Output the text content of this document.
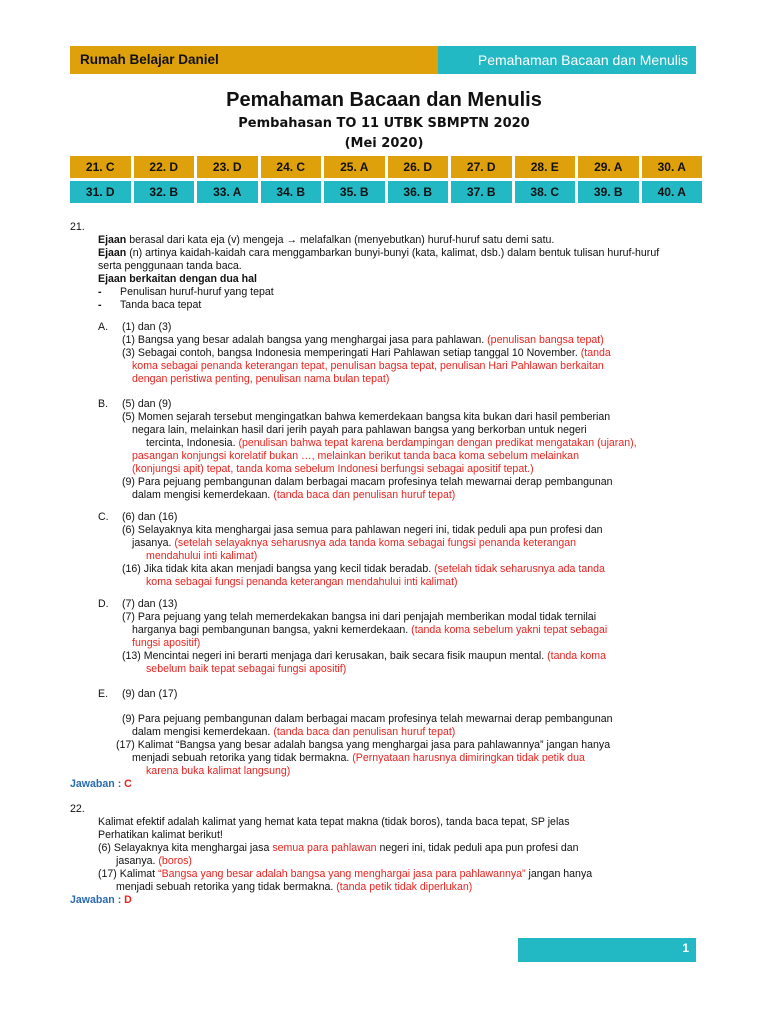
Rumah Belajar Daniel	Pemahaman Bacaan dan Menulis
Pemahaman Bacaan dan Menulis
Pembahasan TO 11 UTBK SBMPTN 2020
(Mei 2020)
21. C	22. D	23. D	24. C	25. A	26. D	27. D	28. E	29. A	30. A
31. D	32. B	33. A	34. B	35. B	36. B	37. B	38. C	39. B	40. A
21.
Ejaan berasal dari kata eja (v) mengeja → melafalkan (menyebutkan) huruf-huruf satu demi satu.
Ejaan (n) artinya kaidah-kaidah cara menggambarkan bunyi-bunyi (kata, kalimat, dsb.) dalam bentuk tulisan huruf-huruf
serta penggunaan tanda baca.
Ejaan berkaitan dengan dua hal
-	Penulisan huruf-huruf yang tepat
-	Tanda baca tepat
A.	(1) dan (3)
(1) Bangsa yang besar adalah bangsa yang menghargai jasa para pahlawan. (penulisan bangsa tepat)
(3) Sebagai contoh, bangsa Indonesia memperingati Hari Pahlawan setiap tanggal 10 November. (tanda
koma sebagai penanda keterangan tepat, penulisan bagsa tepat, penulisan Hari Pahlawan berkaitan
dengan peristiwa penting, penulisan nama bulan tepat)
B.	(5) dan (9)
(5) Momen sejarah tersebut mengingatkan bahwa kemerdekaan bangsa kita bukan dari hasil pemberian
negara lain, melainkan hasil dari jerih payah para pahlawan bangsa yang berkorban untuk negeri
tercinta, Indonesia. (penulisan bahwa tepat karena berdampingan dengan predikat mengatakan (ujaran),
pasangan konjungsi korelatif bukan …, melainkan berikut tanda baca koma sebelum melainkan
(konjungsi apit) tepat, tanda koma sebelum Indonesi berfungsi sebagai apositif tepat.)
(9) Para pejuang pembangunan dalam berbagai macam profesinya telah mewarnai derap pembangunan
dalam mengisi kemerdekaan. (tanda baca dan penulisan huruf tepat)
C.	(6) dan (16)
(6) Selayaknya kita menghargai jasa semua para pahlawan negeri ini, tidak peduli apa pun profesi dan
jasanya. (setelah selayaknya seharusnya ada tanda koma sebagai fungsi penanda keterangan
mendahului inti kalimat)
(16) Jika tidak kita akan menjadi bangsa yang kecil tidak beradab. (setelah tidak seharusnya ada tanda
koma sebagai fungsi penanda keterangan mendahului inti kalimat)
D.	(7) dan (13)
(7) Para pejuang yang telah memerdekakan bangsa ini dari penjajah memberikan modal tidak ternilai
harganya bagi pembangunan bangsa, yakni kemerdekaan. (tanda koma sebelum yakni tepat sebagai
fungsi apositif)
(13) Mencintai negeri ini berarti menjaga dari kerusakan, baik secara fisik maupun mental. (tanda koma
sebelum baik tepat sebagai fungsi apositif)
E.	(9) dan (17)
(9) Para pejuang pembangunan dalam berbagai macam profesinya telah mewarnai derap pembangunan
dalam mengisi kemerdekaan. (tanda baca dan penulisan huruf tepat)
(17) Kalimat “Bangsa yang besar adalah bangsa yang menghargai jasa para pahlawannya” jangan hanya
menjadi sebuah retorika yang tidak bermakna. (Pernyataan harusnya dimiringkan tidak petik dua
karena buka kalimat langsung)
Jawaban : C
22.
Kalimat efektif adalah kalimat yang hemat kata tepat makna (tidak boros), tanda baca tepat, SP jelas
Perhatikan kalimat berikut!
(6) Selayaknya kita menghargai jasa semua para pahlawan negeri ini, tidak peduli apa pun profesi dan
jasanya. (boros)
(17) Kalimat “Bangsa yang besar adalah bangsa yang menghargai jasa para pahlawannya” jangan hanya
menjadi sebuah retorika yang tidak bermakna. (tanda petik tidak diperlukan)
Jawaban : D
1
